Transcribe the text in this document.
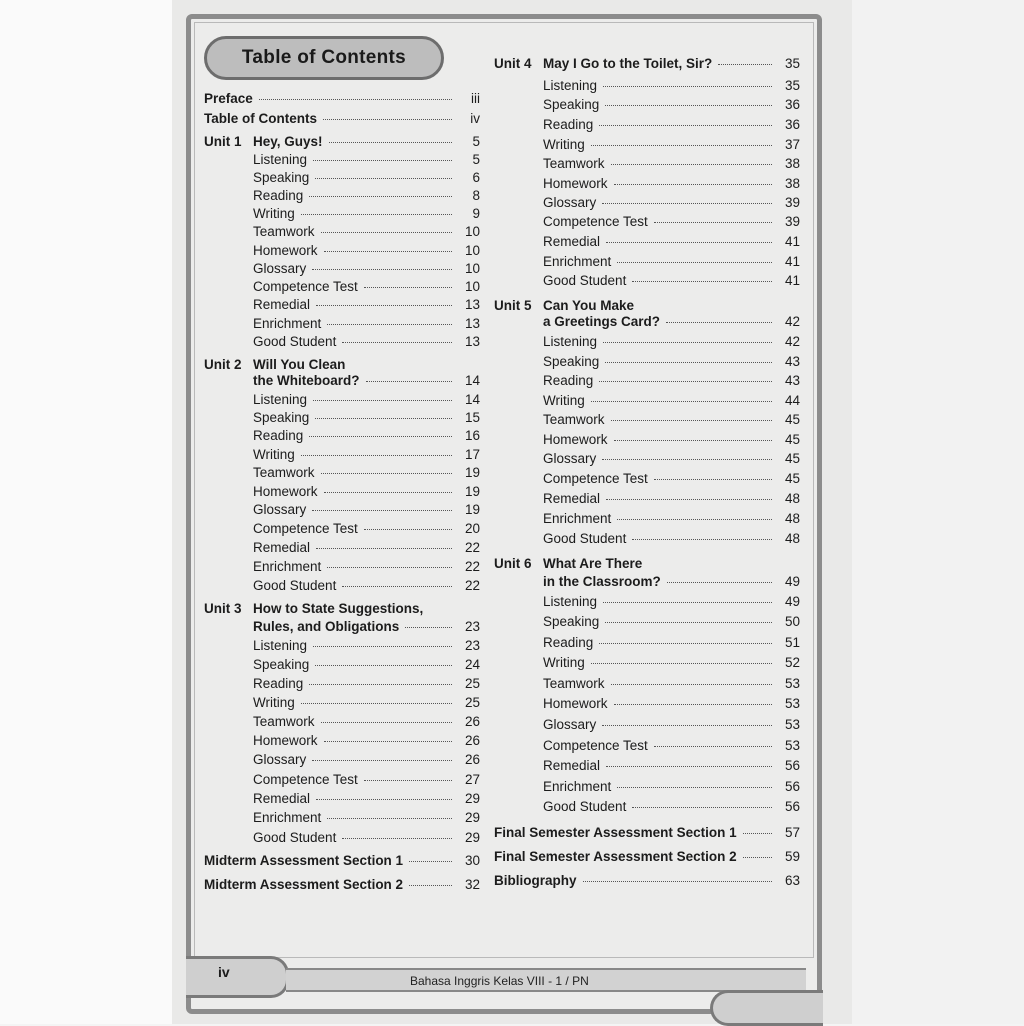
Table of Contents
Preface	iii
Table of Contents	iv
Unit 1 Hey, Guys!	5
Listening	5
Speaking	6
Reading	8
Writing	9
Teamwork	10
Homework	10
Glossary	10
Competence Test	10
Remedial	13
Enrichment	13
Good Student	13
Unit 2 Will You Clean
the Whiteboard?	14
Listening	14
Speaking	15
Reading	16
Writing	17
Teamwork	19
Homework	19
Glossary	19
Competence Test	20
Remedial	22
Enrichment	22
Good Student	22
Unit 3 How to State Suggestions,
Rules, and Obligations	23
Listening	23
Speaking	24
Reading	25
Writing	25
Teamwork	26
Homework	26
Glossary	26
Competence Test	27
Remedial	29
Enrichment	29
Good Student	29
Midterm Assessment Section 1	30
Midterm Assessment Section 2	32
Unit 4 May I Go to the Toilet, Sir?	35
Listening	35
Speaking	36
Reading	36
Writing	37
Teamwork	38
Homework	38
Glossary	39
Competence Test	39
Remedial	41
Enrichment	41
Good Student	41
Unit 5 Can You Make
a Greetings Card?	42
Listening	42
Speaking	43
Reading	43
Writing	44
Teamwork	45
Homework	45
Glossary	45
Competence Test	45
Remedial	48
Enrichment	48
Good Student	48
Unit 6 What Are There
in the Classroom?	49
Listening	49
Speaking	50
Reading	51
Writing	52
Teamwork	53
Homework	53
Glossary	53
Competence Test	53
Remedial	56
Enrichment	56
Good Student	56
Final Semester Assessment Section 1	57
Final Semester Assessment Section 2	59
Bibliography	63
iv
Bahasa Inggris Kelas VIII - 1 / PN
